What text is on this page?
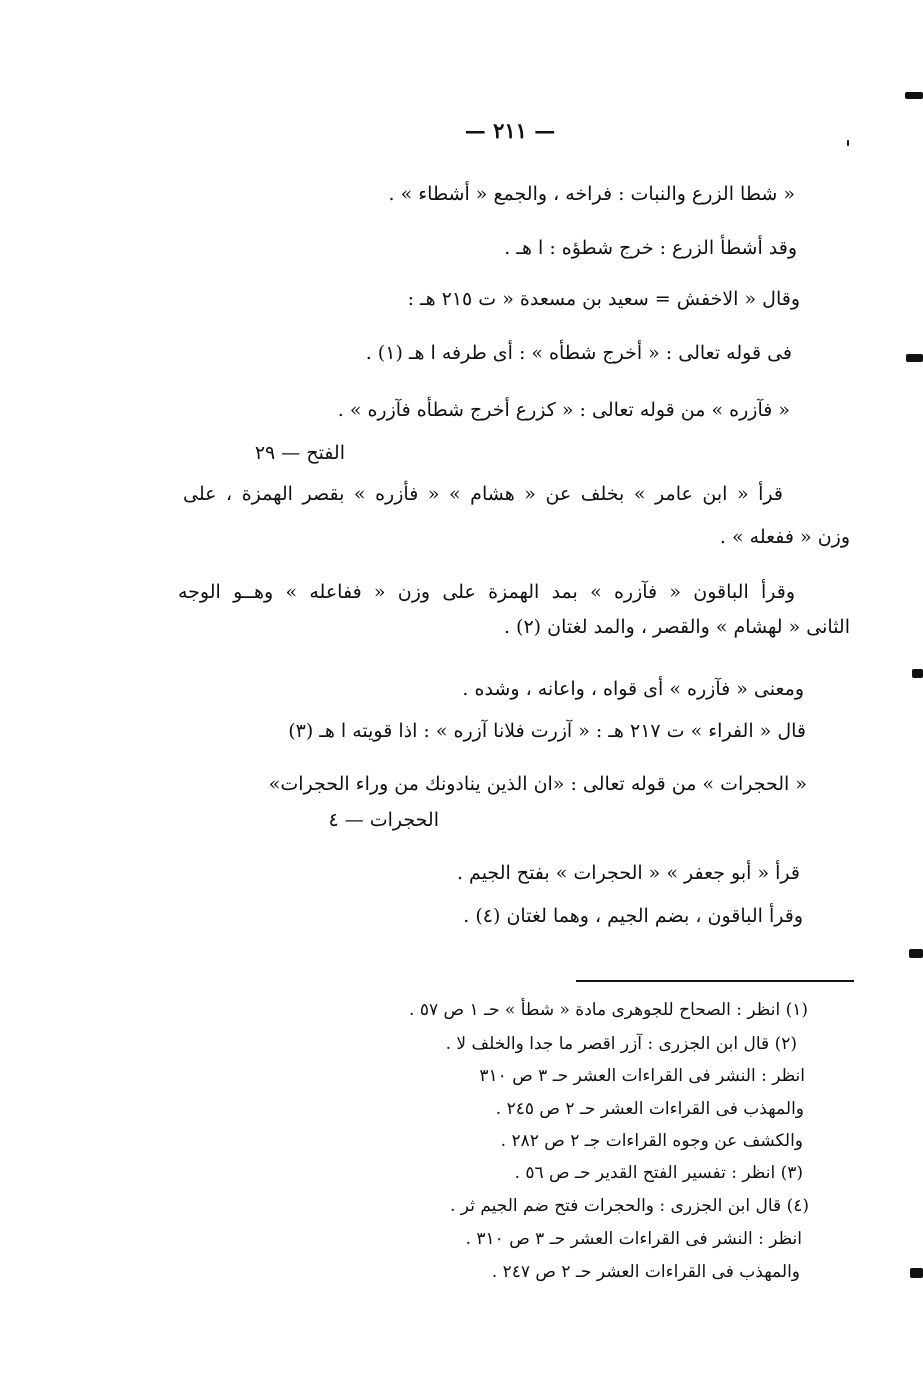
— ٢١١ —
« شطا الزرع والنبات : فراخه ، والجمع « أشطاء » .
وقد أشطأ الزرع : خرج شطؤه : ا هـ .
وقال « الاخفش = سعيد بن مسعدة « ت ٢١٥ هـ :
فى قوله تعالى : « أخرج شطأه » : أى طرفه ا هـ (١) .
« فآزره » من قوله تعالى : « كزرع أخرج شطأه فآزره » .
الفتح — ٢٩
قرأ « ابن عامر » بخلف عن « هشام » « فأزره » بقصر الهمزة ، على
وزن « ففعله » .
وقرأ الباقون « فآزره » بمد الهمزة على وزن « ففاعله » وهــو الوجه
الثانى « لهشام » والقصر ، والمد لغتان (٢) .
ومعنى « فآزره » أى قواه ، واعانه ، وشده .
قال « الفراء » ت ٢١٧ هـ : « آزرت فلانا آزره » : اذا قويته ا هـ (٣)
« الحجرات » من قوله تعالى : «ان الذين ينادونك من وراء الحجرات»
الحجرات — ٤
قرأ « أبو جعفر » « الحجرات » بفتح الجيم .
وقرأ الباقون ، بضم الجيم ، وهما لغتان (٤) .
(١) انظر : الصحاح للجوهرى مادة « شطأ » حـ ١ ص ٥٧ .
(٢) قال ابن الجزرى : آزر اقصر ما جدا والخلف لا .
انظر : النشر فى القراءات العشر حـ ٣ ص ٣١٠
والمهذب فى القراءات العشر حـ ٢ ص ٢٤٥ .
والكشف عن وجوه القراءات جـ ٢ ص ٢٨٢ .
(٣) انظر : تفسير الفتح القدير حـ ص ٥٦ .
(٤) قال ابن الجزرى : والحجرات فتح ضم الجيم ثر .
انظر : النشر فى القراءات العشر حـ ٣ ص ٣١٠ .
والمهذب فى القراءات العشر حـ ٢ ص ٢٤٧ .
